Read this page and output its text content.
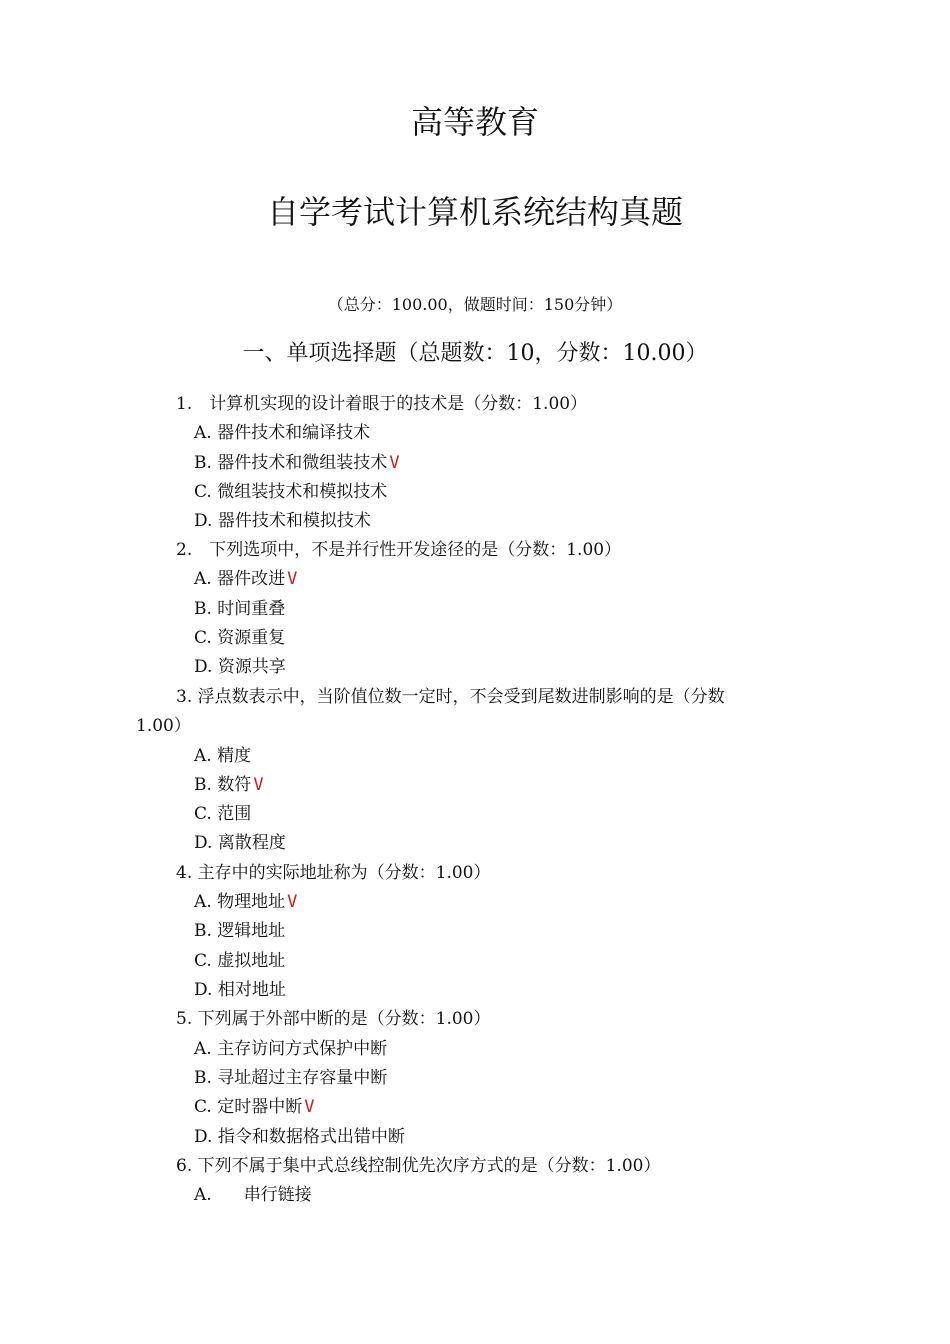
高等教育
自学考试计算机系统结构真题
（总分：100.00，做题时间：150分钟）
一、单项选择题（总题数：10，分数：10.00）
1.　计算机实现的设计着眼于的技术是（分数：1.00）
A. 器件技术和编译技术
B. 器件技术和微组装技术 V
C. 微组装技术和模拟技术
D. 器件技术和模拟技术
2.　下列选项中，不是并行性开发途径的是（分数：1.00）
A. 器件改进 V
B. 时间重叠
C. 资源重复
D. 资源共享
3. 浮点数表示中，当阶值位数一定时，不会受到尾数进制影响的是（分数
1.00）
A. 精度
B. 数符 V
C. 范围
D. 离散程度
4. 主存中的实际地址称为（分数：1.00）
A. 物理地址 V
B. 逻辑地址
C. 虚拟地址
D. 相对地址
5. 下列属于外部中断的是（分数：1.00）
A. 主存访问方式保护中断
B. 寻址超过主存容量中断
C. 定时器中断 V
D. 指令和数据格式出错中断
6. 下列不属于集中式总线控制优先次序方式的是（分数：1.00）
A. 串行链接
